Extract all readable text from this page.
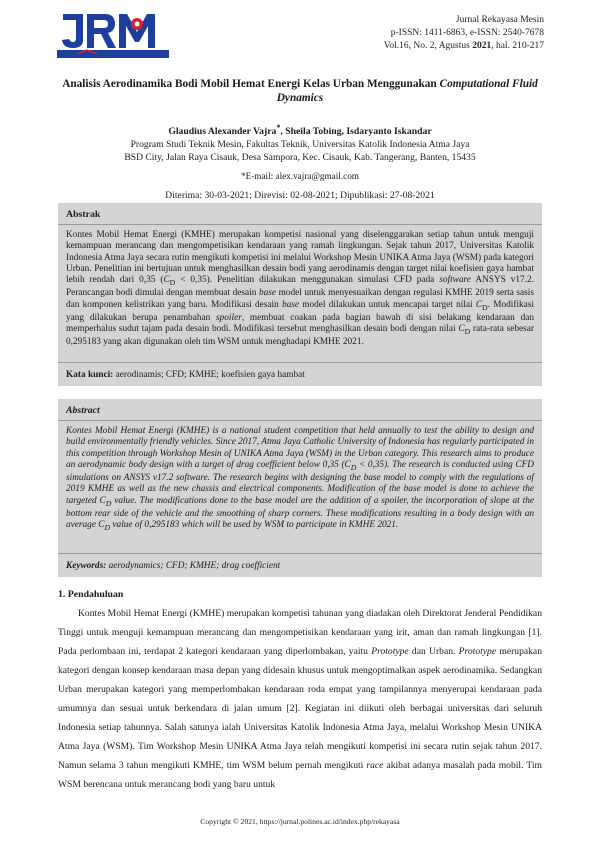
Jurnal Rekayasa Mesin
p-ISSN: 1411-6863, e-ISSN: 2540-7678
Vol.16, No. 2, Agustus 2021, hal. 210-217
Analisis Aerodinamika Bodi Mobil Hemat Energi Kelas Urban Menggunakan Computational Fluid Dynamics
Glaudius Alexander Vajra*, Sheila Tobing, Isdaryanto Iskandar
Program Studi Teknik Mesin, Fakultas Teknik, Universitas Katolik Indonesia Atma Jaya
BSD City, Jalan Raya Cisauk, Desa Sampora, Kec. Cisauk, Kab. Tangerang, Banten, 15435
*E-mail: alex.vajra@gmail.com
Diterima: 30-03-2021; Direvisi: 02-08-2021; Dipublikasi: 27-08-2021
Abstrak
Kontes Mobil Hemat Energi (KMHE) merupakan kompetisi nasional yang diselenggarakan setiap tahun untuk menguji kemampuan merancang dan mengompetisikan kendaraan yang ramah lingkungan. Sejak tahun 2017, Universitas Katolik Indonesia Atma Jaya secara rutin mengikuti kompetisi ini melalui Workshop Mesin UNIKA Atma Jaya (WSM) pada kategori Urban. Penelitian ini bertujuan untuk menghasilkan desain bodi yang aerodinamis dengan target nilai koefisien gaya hambat lebih rendah dari 0,35 $(C_D < 0,35)$. Penelitian dilakukan menggunakan simulasi CFD pada software ANSYS v17.2. Perancangan bodi dimulai dengan membuat desain base model untuk menyesuaikan dengan regulasi KMHE 2019 serta sasis dan komponen kelistrikan yang baru. Modifikasi desain base model dilakukan untuk mencapai target nilai $C_D$. Modifikasi yang dilakukan berupa penambahan spoiler, membuat coakan pada bagian bawah di sisi belakang kendaraan dan memperhalus sudut tajam pada desain bodi. Modifikasi tersebut menghasilkan desain bodi dengan nilai $C_D$ rata-rata sebesar 0,295183 yang akan digunakan oleh tim WSM untuk menghadapi KMHE 2021.
Kata kunci: aerodinamis; CFD; KMHE; koefisien gaya hambat
Abstract
Kontes Mobil Hemat Energi (KMHE) is a national student competition that held annually to test the ability to design and build environmentally friendly vehicles. Since 2017, Atma Jaya Catholic University of Indonesia has regularly participated in this competition through Workshop Mesin of UNIKA Atma Jaya (WSM) in the Urban category. This research aims to produce an aerodynamic body design with a target of drag coefficient below 0,35 $(C_D < 0,35)$. The research is conducted using CFD simulations on ANSYS v17.2 software. The research begins with designing the base model to comply with the regulations of 2019 KMHE as well as the new chassis and electrical components. Modification of the base model is done to achieve the targeted $C_D$ value. The modifications done to the base model are the addition of a spoiler, the incorporation of slope at the bottom rear side of the vehicle and the smoothing of sharp corners. These modifications resulting in a body design with an average $C_D$ value of 0,295183 which will be used by WSM to participate in KMHE 2021.
Keywords: aerodynamics; CFD; KMHE; drag coefficient
1. Pendahuluan
Kontes Mobil Hemat Energi (KMHE) merupakan kompetisi tahunan yang diadakan oleh Direktorat Jenderal Pendidikan Tinggi untuk menguji kemampuan merancang dan mengompetisikan kendaraan yang irit, aman dan ramah lingkungan [1]. Pada perlombaan ini, terdapat 2 kategori kendaraan yang diperlombakan, yaitu Prototype dan Urban. Prototype merupakan kategori dengan konsep kendaraan masa depan yang didesain khusus untuk mengoptimalkan aspek aerodinamika. Sedangkan Urban merupakan kategori yang memperlombakan kendaraan roda empat yang tampilannya menyerupai kendaraan pada umumnya dan sesuai untuk berkendara di jalan umum [2]. Kegiatan ini diikuti oleh berbagai universitas dari seluruh Indonesia setiap tahunnya. Salah satunya ialah Universitas Katolik Indonesia Atma Jaya, melalui Workshop Mesin UNIKA Atma Jaya (WSM). Tim Workshop Mesin UNIKA Atma Jaya telah mengikuti kompetisi ini secara rutin sejak tahun 2017. Namun selama 3 tahun mengikuti KMHE, tim WSM belum pernah mengikuti race akibat adanya masalah pada mobil. Tim WSM berencana untuk merancang bodi yang baru untuk
Copyright © 2021, https://jurnal.polines.ac.id/index.php/rekayasa
